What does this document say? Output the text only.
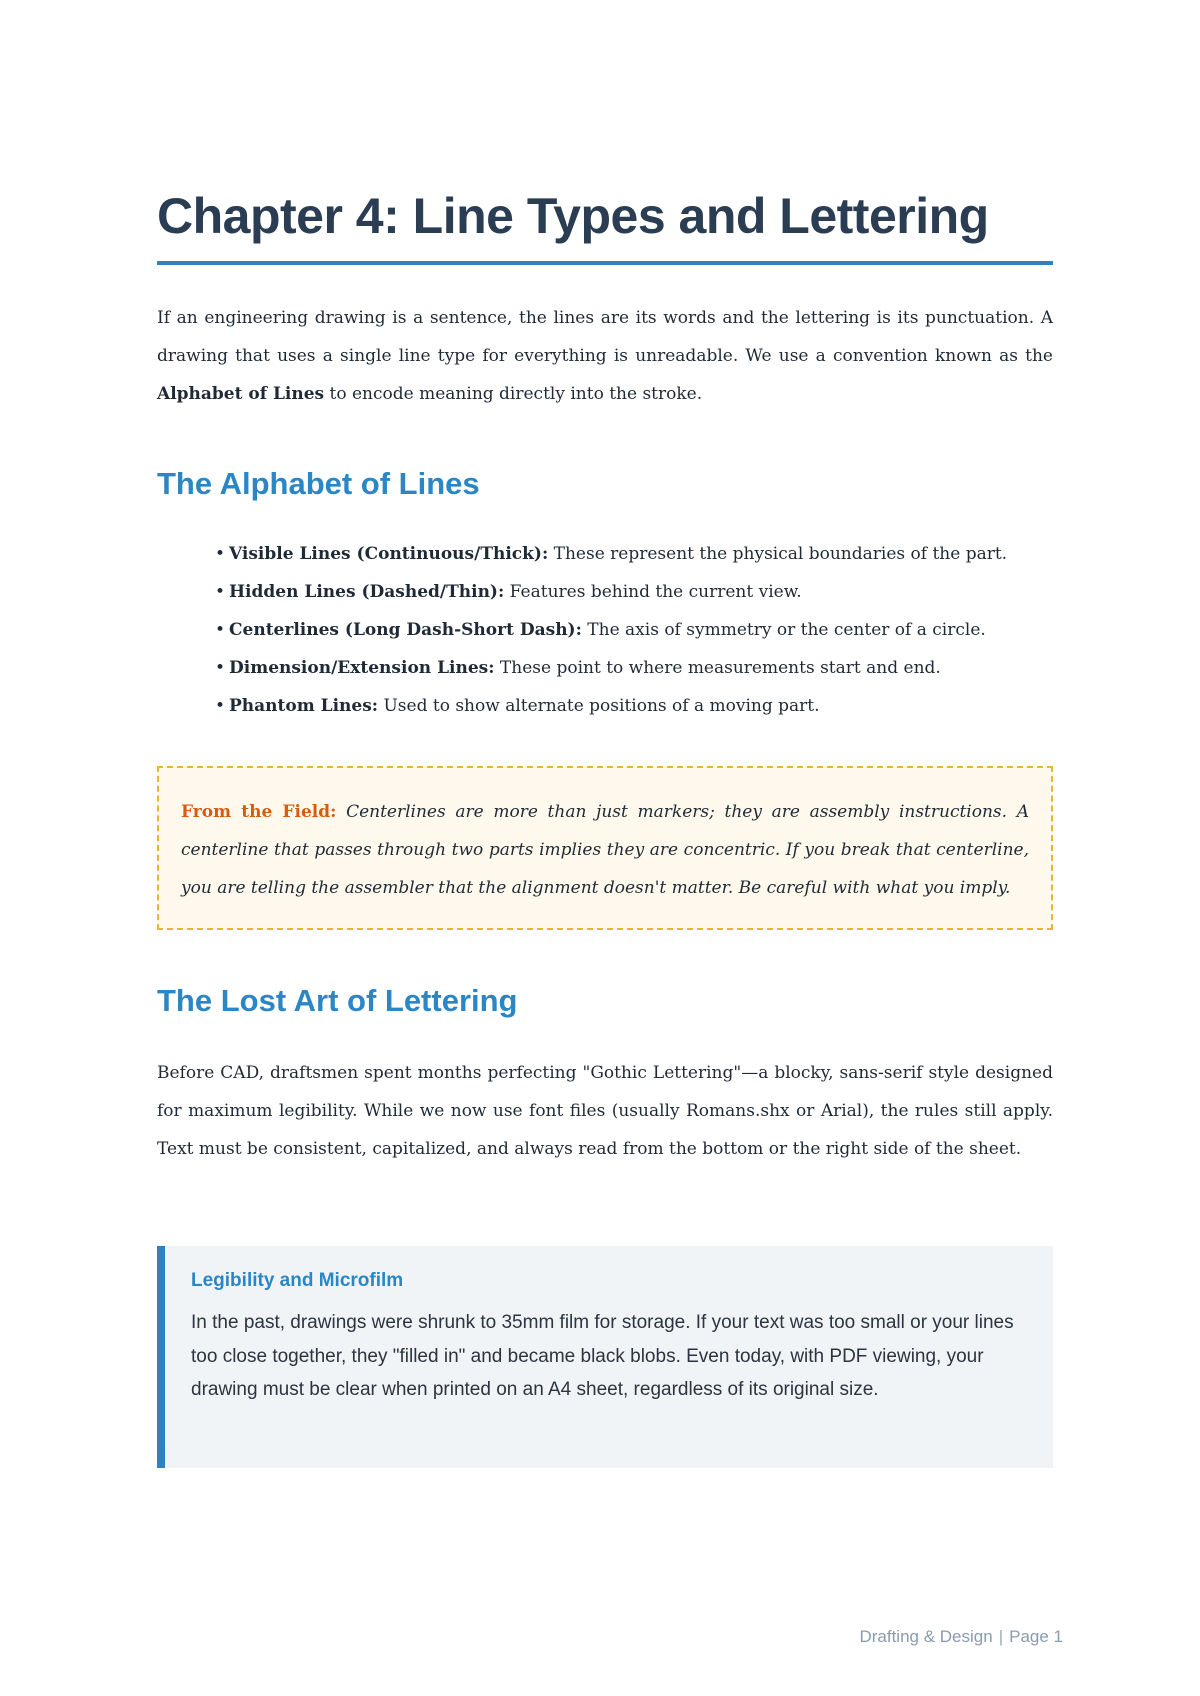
Chapter 4: Line Types and Lettering

If an engineering drawing is a sentence, the lines are its words and the lettering is its punctuation. A drawing that uses a single line type for everything is unreadable. We use a convention known as the Alphabet of Lines to encode meaning directly into the stroke.

The Alphabet of Lines
• Visible Lines (Continuous/Thick): These represent the physical boundaries of the part.
• Hidden Lines (Dashed/Thin): Features behind the current view.
• Centerlines (Long Dash-Short Dash): The axis of symmetry or the center of a circle.
• Dimension/Extension Lines: These point to where measurements start and end.
• Phantom Lines: Used to show alternate positions of a moving part.

From the Field: Centerlines are more than just markers; they are assembly instructions. A centerline that passes through two parts implies they are concentric. If you break that centerline, you are telling the assembler that the alignment doesn't matter. Be careful with what you imply.

The Lost Art of Lettering

Before CAD, draftsmen spent months perfecting "Gothic Lettering"—a blocky, sans-serif style designed for maximum legibility. While we now use font files (usually Romans.shx or Arial), the rules still apply. Text must be consistent, capitalized, and always read from the bottom or the right side of the sheet.

Legibility and Microfilm

In the past, drawings were shrunk to 35mm film for storage. If your text was too small or your lines too close together, they "filled in" and became black blobs. Even today, with PDF viewing, your drawing must be clear when printed on an A4 sheet, regardless of its original size.

Drafting & Design | Page 1
